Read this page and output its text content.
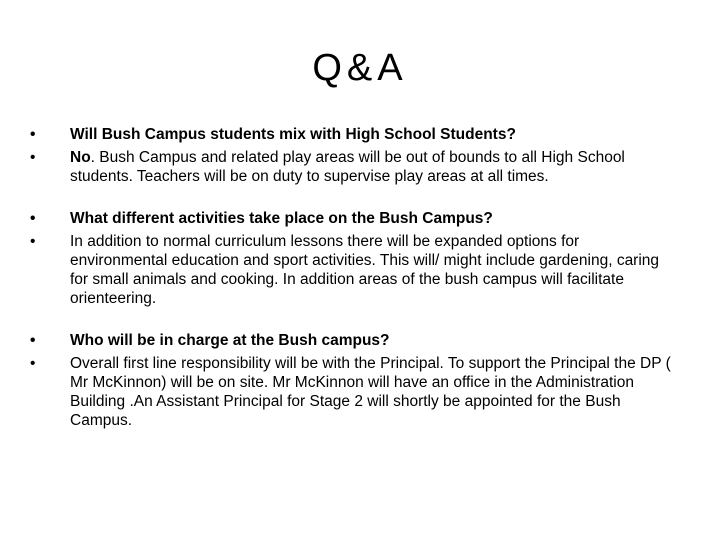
Q&A
•	Will Bush Campus students mix with High School Students?
•	No. Bush Campus and related play areas will be out of bounds to all High School students. Teachers will be on duty to supervise play areas at all times.
•	What different activities take place on the Bush Campus?
•	In addition to normal curriculum lessons there will be expanded options for environmental education and sport activities. This will/ might include gardening, caring for small animals and cooking. In addition areas of the bush campus will facilitate orienteering.
•	Who will be in charge at the Bush campus?
•	Overall first line responsibility will be with the Principal. To support the Principal the DP ( Mr McKinnon) will be on site. Mr McKinnon will have an office in the Administration Building .An Assistant Principal for Stage 2 will shortly be appointed for the Bush Campus.
